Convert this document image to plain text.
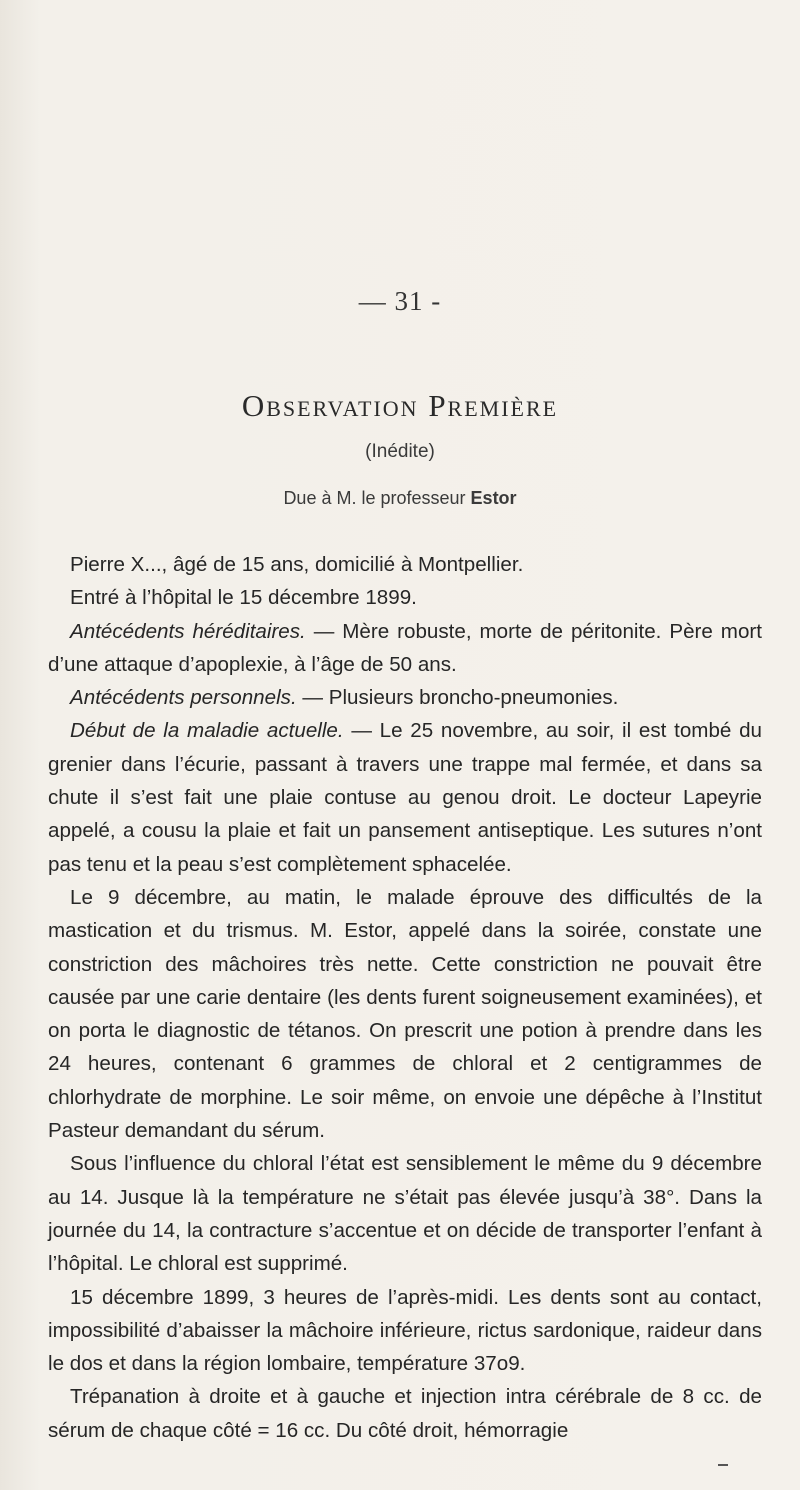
— 31 -
Observation Première
(Inédite)
Due à M. le professeur Estor

Pierre X..., âgé de 15 ans, domicilié à Montpellier.

Entré à l’hôpital le 15 décembre 1899.

Antécédents héréditaires. — Mère robuste, morte de péritonite. Père mort d’une attaque d’apoplexie, à l’âge de 50 ans.

Antécédents personnels. — Plusieurs broncho-pneumonies.

Début de la maladie actuelle. — Le 25 novembre, au soir, il est tombé du grenier dans l’écurie, passant à travers une trappe mal fermée, et dans sa chute il s’est fait une plaie contuse au genou droit. Le docteur Lapeyrie appelé, a cousu la plaie et fait un pansement antiseptique. Les sutures n’ont pas tenu et la peau s’est complètement sphacelée.

Le 9 décembre, au matin, le malade éprouve des difficultés de la mastication et du trismus. M. Estor, appelé dans la soirée, constate une constriction des mâchoires très nette. Cette constriction ne pouvait être causée par une carie dentaire (les dents furent soigneusement examinées), et on porta le diagnostic de tétanos. On prescrit une potion à prendre dans les 24 heures, contenant 6 grammes de chloral et 2 centigrammes de chlorhydrate de morphine. Le soir même, on envoie une dépêche à l’Institut Pasteur demandant du sérum.

Sous l’influence du chloral l’état est sensiblement le même du 9 décembre au 14. Jusque là la température ne s’était pas élevée jusqu’à 38°. Dans la journée du 14, la contracture s’accentue et on décide de transporter l’enfant à l’hôpital. Le chloral est supprimé.

15 décembre 1899, 3 heures de l’après-midi. Les dents sont au contact, impossibilité d’abaisser la mâchoire inférieure, rictus sardonique, raideur dans le dos et dans la région lombaire, température 37o9.

Trépanation à droite et à gauche et injection intra cérébrale de 8 cc. de sérum de chaque côté = 16 cc. Du côté droit, hémorragie
